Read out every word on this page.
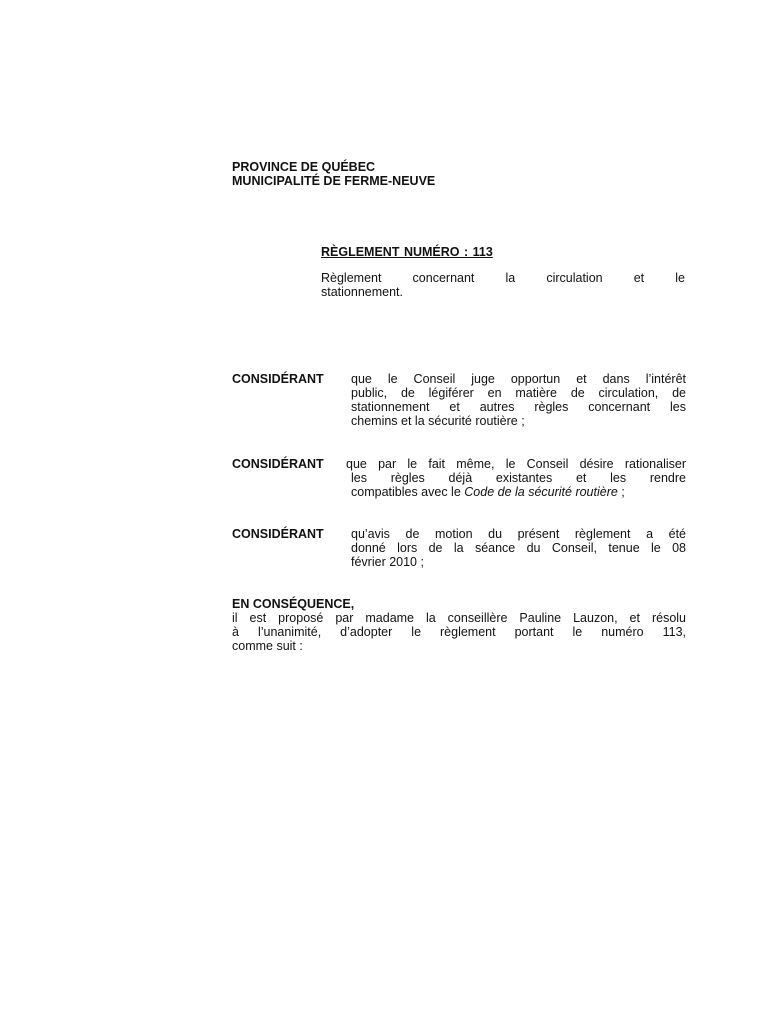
PROVINCE DE QUÉBEC
MUNICIPALITÉ DE FERME-NEUVE
RÈGLEMENT NUMÉRO : 113
Règlement concernant la circulation et le
stationnement.
CONSIDÉRANT que le Conseil juge opportun et dans l’intérêt
public, de légiférer en matière de circulation, de
stationnement et autres règles concernant les
chemins et la sécurité routière ;
CONSIDÉRANT que par le fait même, le Conseil désire rationaliser
les règles déjà existantes et les rendre
compatibles avec le Code de la sécurité routière ;
CONSIDÉRANT qu’avis de motion du présent règlement a été
donné lors de la séance du Conseil, tenue le 08
février 2010 ;
EN CONSÉQUENCE,
il est proposé par madame la conseillère Pauline Lauzon, et résolu
à l’unanimité, d’adopter le règlement portant le numéro 113,
comme suit :
